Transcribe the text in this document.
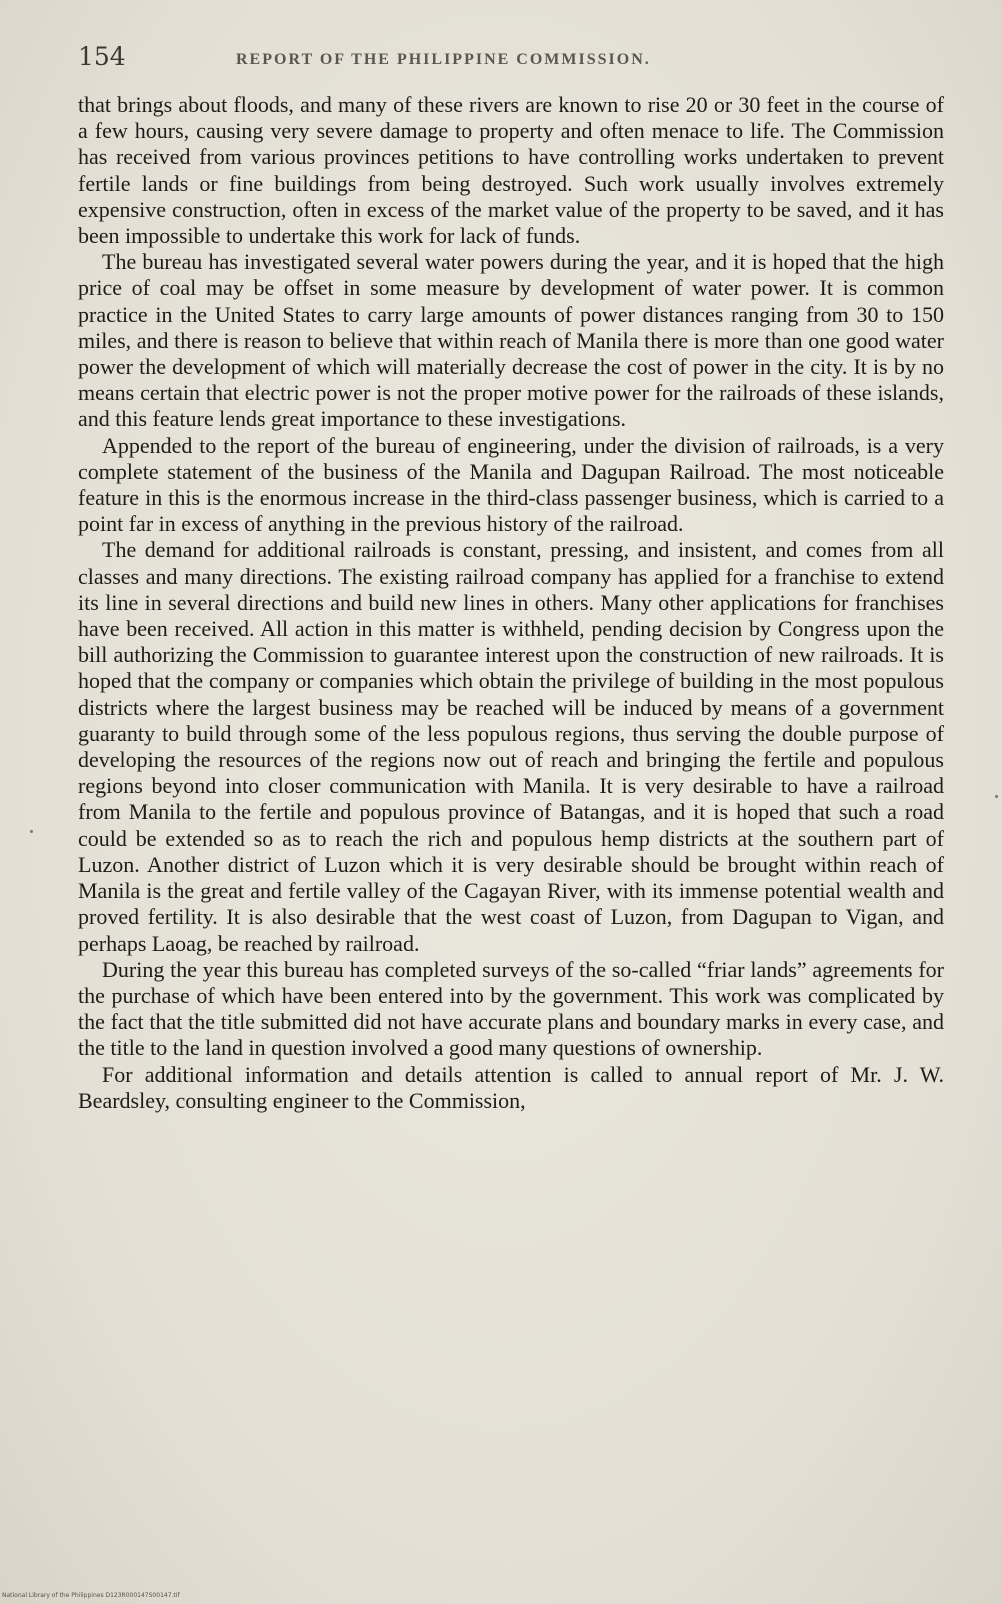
154	REPORT OF THE PHILIPPINE COMMISSION.

that brings about floods, and many of these rivers are known to rise 20 or 30 feet in the course of a few hours, causing very severe damage to property and often menace to life. The Commission has received from various provinces petitions to have controlling works undertaken to prevent fertile lands or fine buildings from being destroyed. Such work usually involves extremely expensive construction, often in excess of the market value of the property to be saved, and it has been impossible to undertake this work for lack of funds.

The bureau has investigated several water powers during the year, and it is hoped that the high price of coal may be offset in some measure by development of water power. It is common practice in the United States to carry large amounts of power distances ranging from 30 to 150 miles, and there is reason to believe that within reach of Manila there is more than one good water power the development of which will materially decrease the cost of power in the city. It is by no means certain that electric power is not the proper motive power for the railroads of these islands, and this feature lends great importance to these investigations.

Appended to the report of the bureau of engineering, under the division of railroads, is a very complete statement of the business of the Manila and Dagupan Railroad. The most noticeable feature in this is the enormous increase in the third-class passenger business, which is carried to a point far in excess of anything in the previous history of the railroad.

The demand for additional railroads is constant, pressing, and insistent, and comes from all classes and many directions. The existing railroad company has applied for a franchise to extend its line in several directions and build new lines in others. Many other applications for franchises have been received. All action in this matter is withheld, pending decision by Congress upon the bill authorizing the Commission to guarantee interest upon the construction of new railroads. It is hoped that the company or companies which obtain the privilege of building in the most populous districts where the largest business may be reached will be induced by means of a government guaranty to build through some of the less populous regions, thus serving the double purpose of developing the resources of the regions now out of reach and bringing the fertile and populous regions beyond into closer communication with Manila. It is very desirable to have a railroad from Manila to the fertile and populous province of Batangas, and it is hoped that such a road could be extended so as to reach the rich and populous hemp districts at the southern part of Luzon. Another district of Luzon which it is very desirable should be brought within reach of Manila is the great and fertile valley of the Cagayan River, with its immense potential wealth and proved fertility. It is also desirable that the west coast of Luzon, from Dagupan to Vigan, and perhaps Laoag, be reached by railroad.

During the year this bureau has completed surveys of the so-called “friar lands” agreements for the purchase of which have been entered into by the government. This work was complicated by the fact that the title submitted did not have accurate plans and boundary marks in every case, and the title to the land in question involved a good many questions of ownership.

For additional information and details attention is called to annual report of Mr. J. W. Beardsley, consulting engineer to the Commission,

National Library of the Philippines D123R000147S00147.tif
